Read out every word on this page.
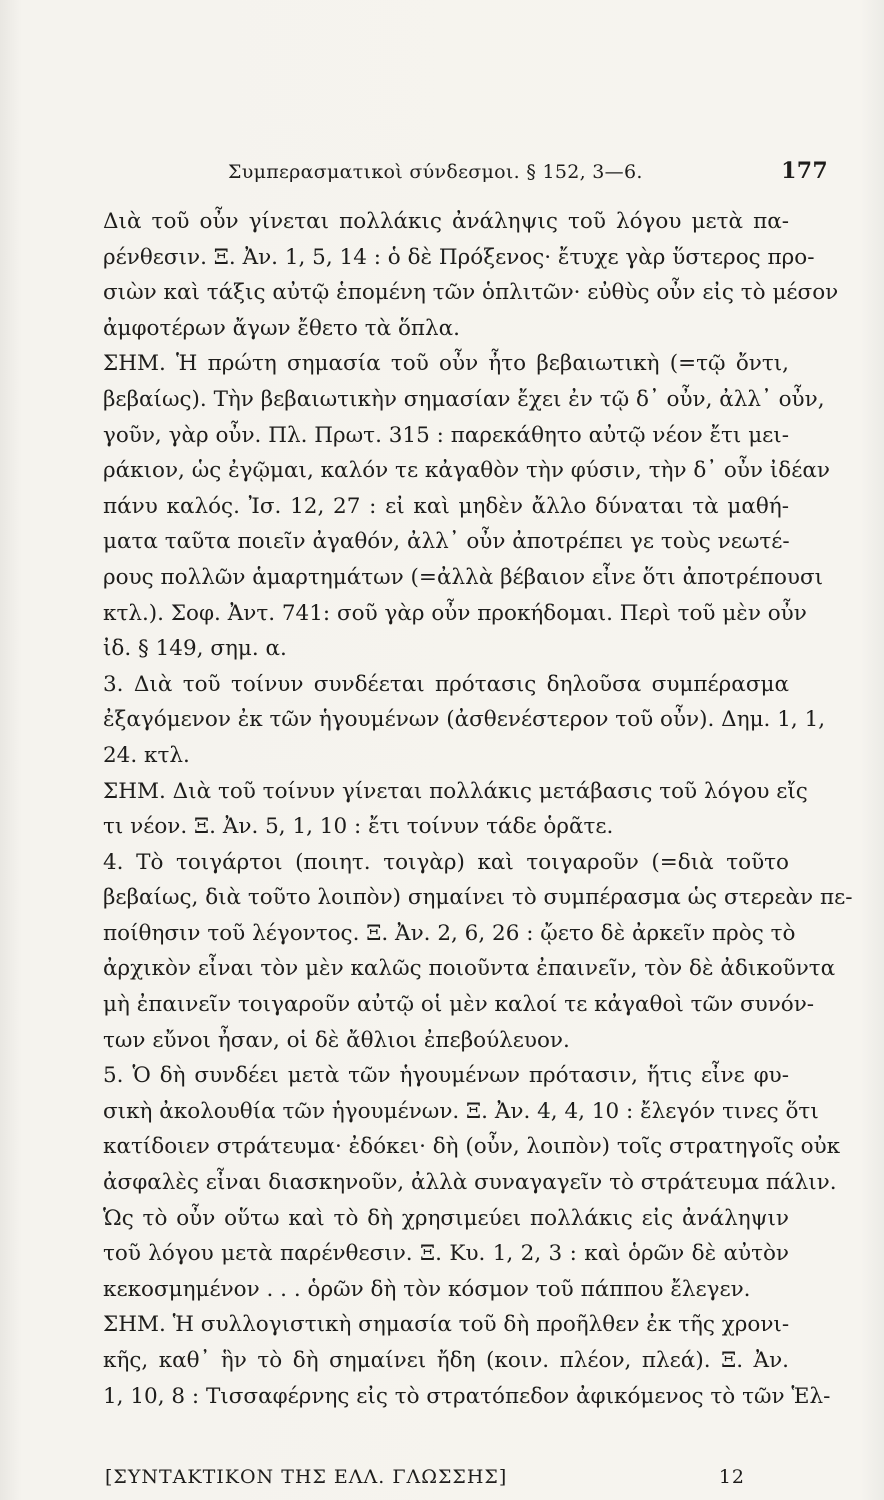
Συμπερασματικοὶ σύνδεσμοι. § 152, 3—6.	177
Διὰ τοῦ οὖν γίνεται πολλάκις ἀνάληψις τοῦ λόγου μετὰ πα-
ρένθεσιν. Ξ. Ἀν. 1, 5, 14 : ὁ δὲ Πρόξενος· ἔτυχε γὰρ ὕστερος προ-
σιὼν καὶ τάξις αὐτῷ ἑπομένη τῶν ὁπλιτῶν· εὐθὺς οὖν εἰς τὸ μέσον
ἀμφοτέρων ἄγων ἔθετο τὰ ὅπλα.
ΣΗΜ. Ἡ πρώτη σημασία τοῦ οὖν ἦτο βεβαιωτικὴ (=τῷ ὄντι,
βεβαίως). Τὴν βεβαιωτικὴν σημασίαν ἔχει ἐν τῷ δ᾽ οὖν, ἀλλ᾽ οὖν,
γοῦν, γὰρ οὖν. Πλ. Πρωτ. 315 : παρεκάθητο αὐτῷ νέον ἔτι μει-
ράκιον, ὡς ἐγῷμαι, καλόν τε κἀγαθὸν τὴν φύσιν, τὴν δ᾽ οὖν ἰδέαν
πάνυ καλός. Ἰσ. 12, 27 : εἰ καὶ μηδὲν ἄλλο δύναται τὰ μαθή-
ματα ταῦτα ποιεῖν ἀγαθόν, ἀλλ᾽ οὖν ἀποτρέπει γε τοὺς νεωτέ-
ρους πολλῶν ἁμαρτημάτων (=ἀλλὰ βέβαιον εἶνε ὅτι ἀποτρέπουσι
κτλ.). Σοφ. Ἀντ. 741: σοῦ γὰρ οὖν προκήδομαι. Περὶ τοῦ μὲν οὖν
ἰδ. § 149, σημ. α.
3. Διὰ τοῦ τοίνυν συνδέεται πρότασις δηλοῦσα συμπέρασμα
ἐξαγόμενον ἐκ τῶν ἡγουμένων (ἀσθενέστερον τοῦ οὖν). Δημ. 1, 1,
24. κτλ.
ΣΗΜ. Διὰ τοῦ τοίνυν γίνεται πολλάκις μετάβασις τοῦ λόγου εἴς
τι νέον. Ξ. Ἀν. 5, 1, 10 : ἔτι τοίνυν τάδε ὁρᾶτε.
4. Τὸ τοιγάρτοι (ποιητ. τοιγὰρ) καὶ τοιγαροῦν (=διὰ τοῦτο
βεβαίως, διὰ τοῦτο λοιπὸν) σημαίνει τὸ συμπέρασμα ὡς στερεὰν πε-
ποίθησιν τοῦ λέγοντος. Ξ. Ἀν. 2, 6, 26 : ᾤετο δὲ ἀρκεῖν πρὸς τὸ
ἀρχικὸν εἶναι τὸν μὲν καλῶς ποιοῦντα ἐπαινεῖν, τὸν δὲ ἀδικοῦντα
μὴ ἐπαινεῖν τοιγαροῦν αὐτῷ οἱ μὲν καλοί τε κἀγαθοὶ τῶν συνόν-
των εὔνοι ἦσαν, οἱ δὲ ἄθλιοι ἐπεβούλευον.
5. Ὁ δὴ συνδέει μετὰ τῶν ἡγουμένων πρότασιν, ἥτις εἶνε φυ-
σικὴ ἀκολουθία τῶν ἡγουμένων. Ξ. Ἀν. 4, 4, 10 : ἔλεγόν τινες ὅτι
κατίδοιεν στράτευμα· ἐδόκει· δὴ (οὖν, λοιπὸν) τοῖς στρατηγοῖς οὐκ
ἀσφαλὲς εἶναι διασκηνοῦν, ἀλλὰ συναγαγεῖν τὸ στράτευμα πάλιν.
Ὡς τὸ οὖν οὕτω καὶ τὸ δὴ χρησιμεύει πολλάκις εἰς ἀνάληψιν
τοῦ λόγου μετὰ παρένθεσιν. Ξ. Κυ. 1, 2, 3 : καὶ ὁρῶν δὲ αὐτὸν
κεκοσμημένον . . . ὁρῶν δὴ τὸν κόσμον τοῦ πάππου ἔλεγεν.
ΣΗΜ. Ἡ συλλογιστικὴ σημασία τοῦ δὴ προῆλθεν ἐκ τῆς χρονι-
κῆς, καθ᾽ ἣν τὸ δὴ σημαίνει ἤδη (κοιν. πλέον, πλεά). Ξ. Ἀν.
1, 10, 8 : Τισσαφέρνης εἰς τὸ στρατόπεδον ἀφικόμενος τὸ τῶν Ἑλ-
[ΣΥΝΤΑΚΤΙΚΟΝ ΤΗΣ ΕΛΛ. ΓΛΩΣΣΗΣ]	12
